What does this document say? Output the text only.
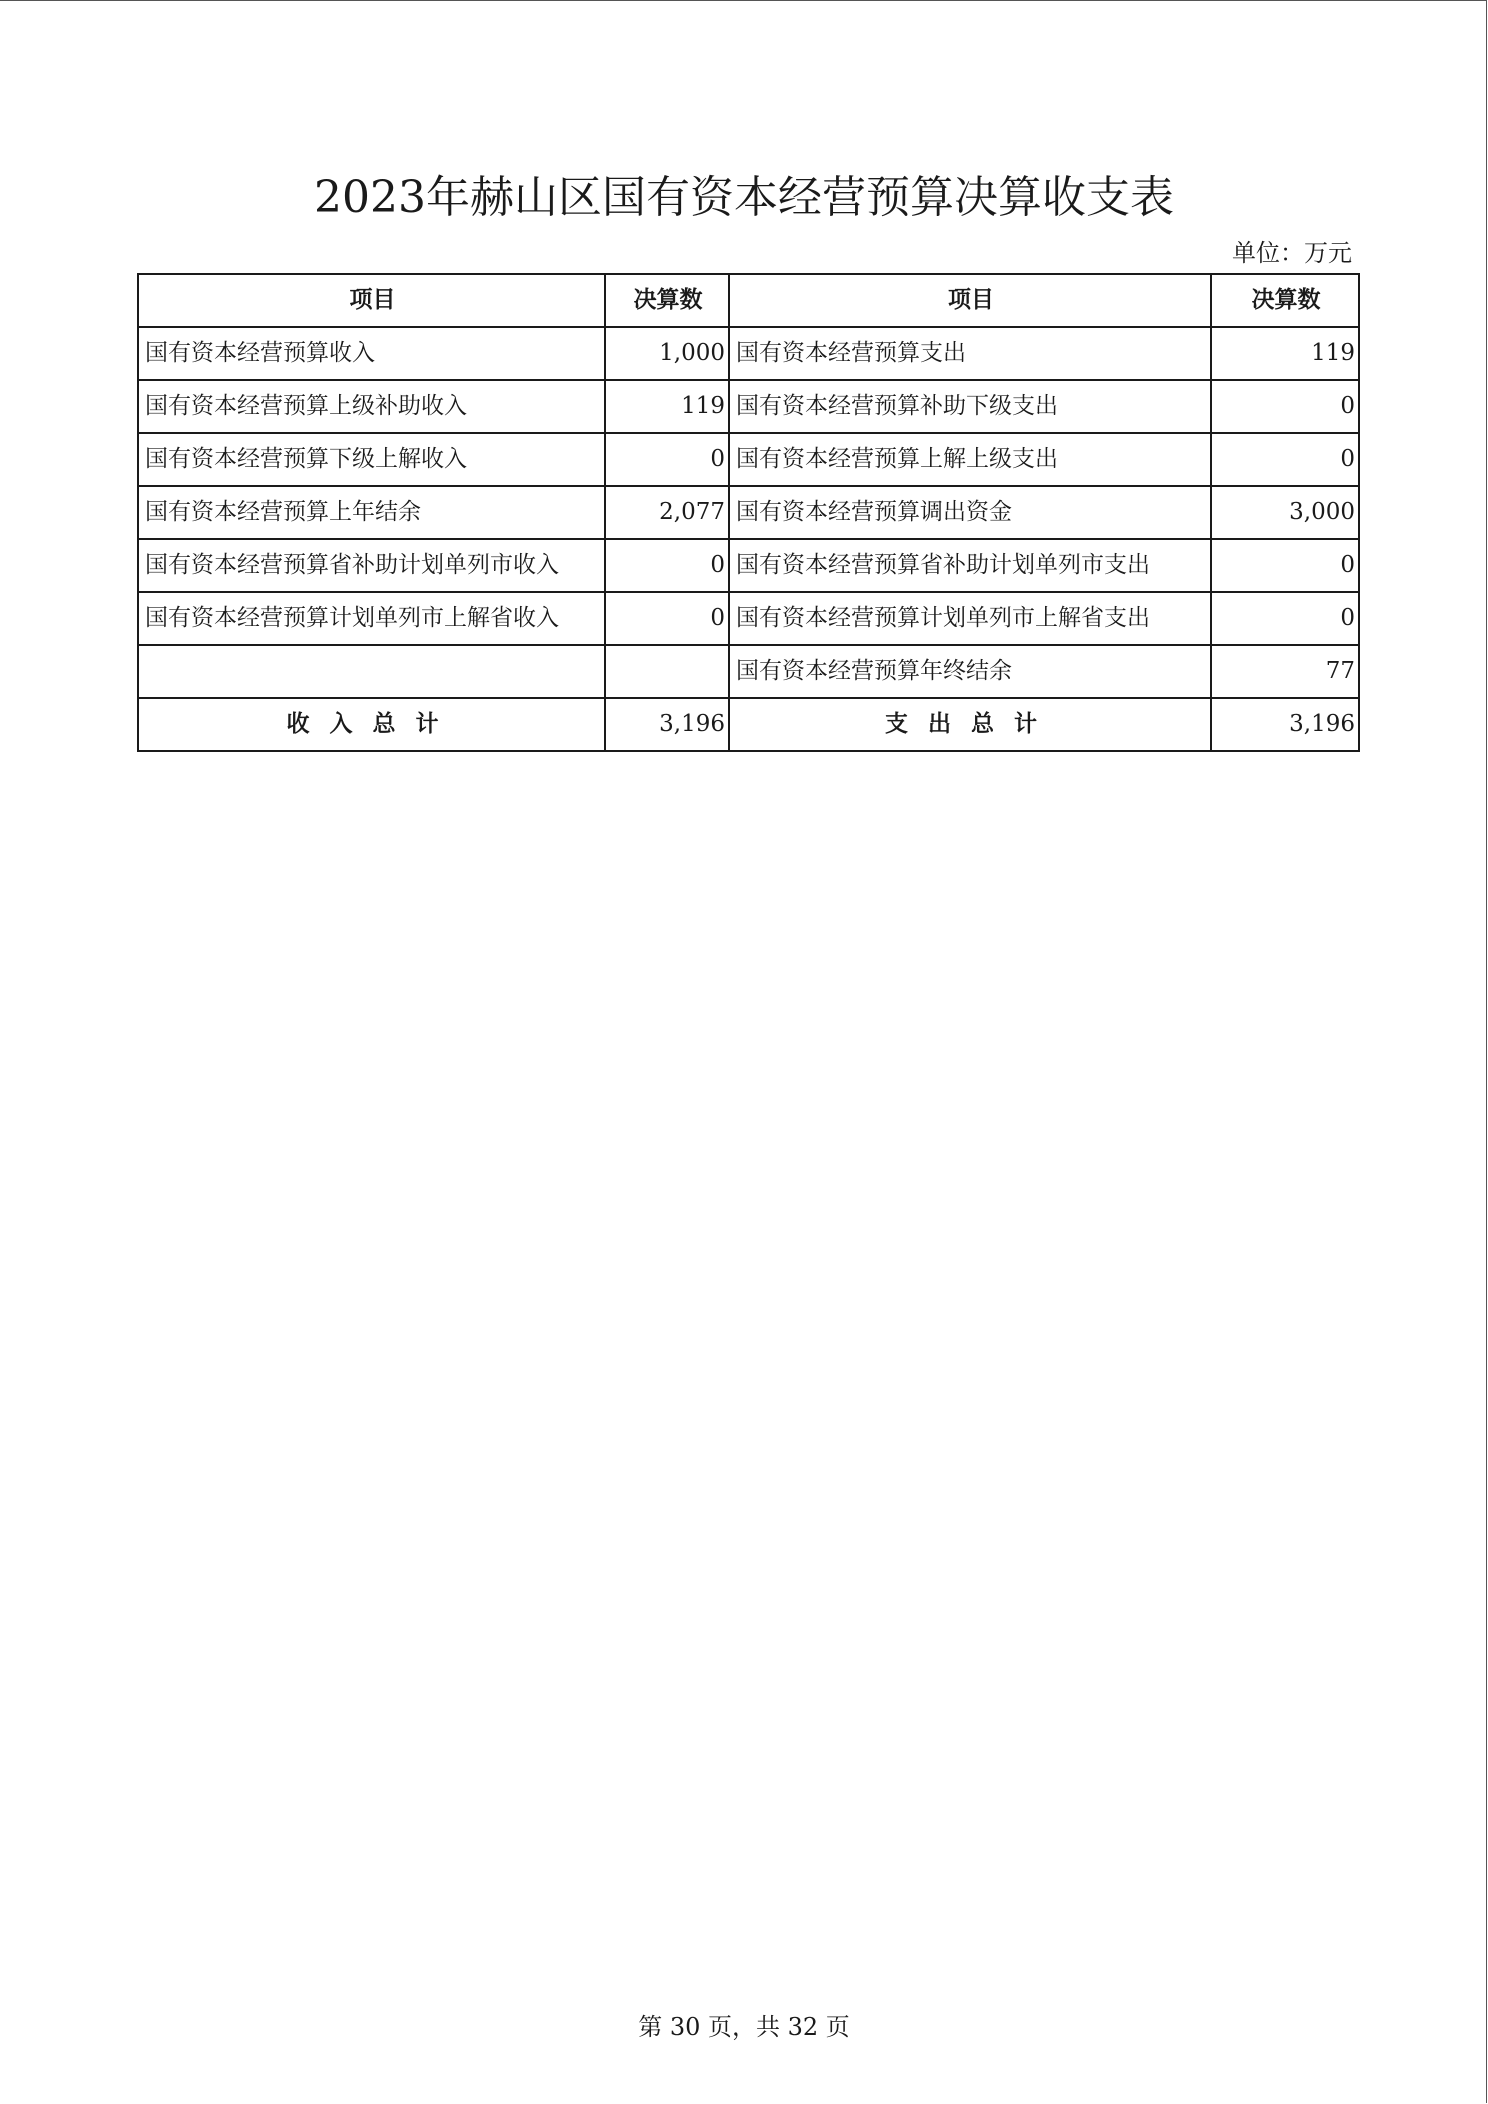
2023年赫山区国有资本经营预算决算收支表
单位：万元
项目	决算数	项目	决算数
国有资本经营预算收入	1,000	国有资本经营预算支出	119
国有资本经营预算上级补助收入	119	国有资本经营预算补助下级支出	0
国有资本经营预算下级上解收入	0	国有资本经营预算上解上级支出	0
国有资本经营预算上年结余	2,077	国有资本经营预算调出资金	3,000
国有资本经营预算省补助计划单列市收入	0	国有资本经营预算省补助计划单列市支出	0
国有资本经营预算计划单列市上解省收入	0	国有资本经营预算计划单列市上解省支出	0
		国有资本经营预算年终结余	77
收入总计	3,196	支出总计	3,196
第 30 页，共 32 页
